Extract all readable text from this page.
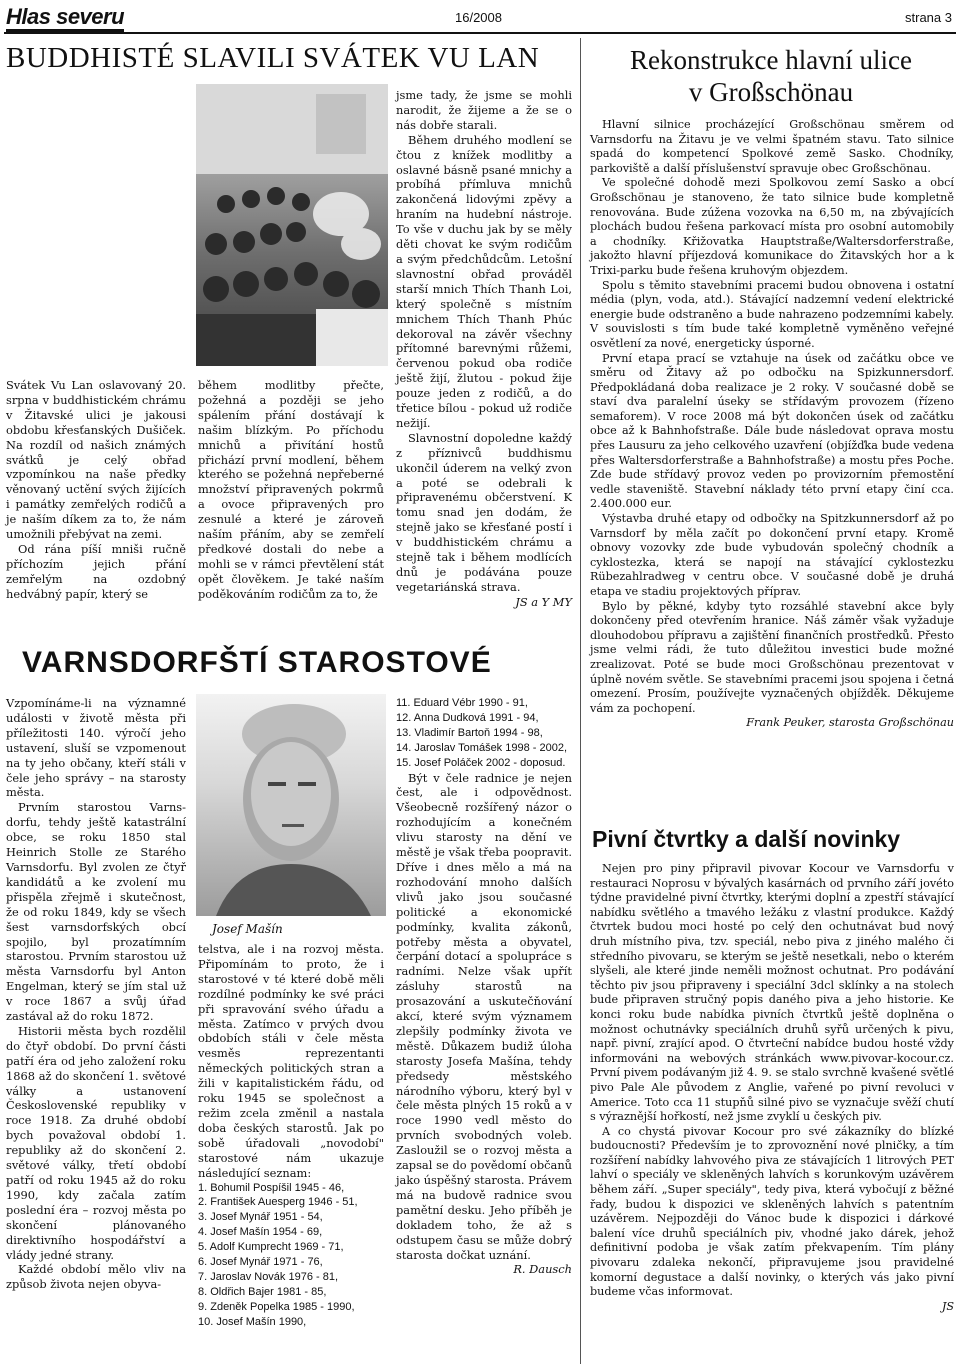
Hlas severu	16/2008	strana 3
BUDDHISTÉ SLAVILI SVÁTEK VU LAN

Svátek Vu Lan oslavovaný 20. srpna v buddhistickém chrámu v Žitavské ulici je jakousi obdobu křesťanských Dušiček. Na rozdíl od našich známých svátků je celý obřad vzpomínkou na naše předky věnovaný uctění svých žijících i památky zemřelých rodičů a je naším díkem za to, že nám umožnili přebývat na zemi.

Od rána píší mniši ručně příchozím jejich přání zemřelým na ozdobný hedvábný papír, který se

během modlitby přečte, požehná a později se jeho spálením přání dostávají k našim blízkým. Po příchodu mnichů a přivítání hostů přichází první modlení, během kterého se požehná nepřeberné množství připravených pokrmů a ovoce připravených pro zesnulé a které je zároveň naším přáním, aby se zemřelí předkové dostali do nebe a mohli se v rámci převtělení stát opět člověkem. Je také naším poděkováním rodičům za to, že

jsme tady, že jsme se mohli narodit, že žijeme a že se o nás dobře starali.

Během druhého modlení se čtou z knížek modlitby a oslavné básně psané mnichy a probíhá přímluva mnichů zakončená lidovými zpěvy a hraním na hudební nástroje. To vše v duchu jak by se měly děti chovat ke svým rodičům a svým předchůdcům. Letošní slavnostní obřad prováděl starší mnich Thích Thanh Loi, který společně s místním mnichem Thích Thanh Phúc dekoroval na závěr všechny přítomné barevnými růžemi, červenou pokud oba rodiče ještě žijí, žlutou - pokud žije pouze jeden z rodičů, a do třetice bílou - pokud už rodiče nežijí.

Slavnostní dopoledne každý z příznivců buddhismu ukončil úderem na velký zvon a poté se odebrali k připravenému občerstvení. K tomu snad jen dodám, že stejně jako se křesťané postí i v buddhistickém chrámu a stejně tak i během modlících dnů je podávána pouze vegetariánská strava.

JS a Y MY

VARNSDORFŠTÍ STAROSTOVÉ

Vzpomínáme-li na významné události v životě města při příležitosti 140. výročí jeho ustavení, sluší se vzpomenout na ty jeho občany, kteří stáli v čele jeho správy – na starosty města.

Prvním starostou Varns- dorfu, tehdy ještě katastrální obce, se roku 1850 stal Heinrich Stolle ze Starého Varnsdorfu. Byl zvolen ze čtyř kandidátů a ke zvolení mu přispěla zřejmě i skutečnost, že od roku 1849, kdy se všech šest varnsdorfských obcí spojilo, byl prozatímním starostou. Prvním starostou už města Varnsdorfu byl Anton Engelman, který se jím stal už v roce 1867 a svůj úřad zastával až do roku 1872.

Historii města bych rozdělil do čtyř období. Do první části patří éra od jeho založení roku 1868 až do skončení 1. světové války a ustanovení Československé republiky v roce 1918. Za druhé období bych považoval období 1. republiky až do skončení 2. světové války, třetí období patří od roku 1945 až do roku 1990, kdy začala zatím poslední éra – rozvoj města po skončení plánovaného direktivního hospodářství a vlády jedné strany.

Každé období mělo vliv na způsob života nejen obyva-

Josef Mašín

telstva, ale i na rozvoj města. Připomínám to proto, že i starostové v té které době měli rozdílné podmínky ke své práci při spravování svého úřadu a města. Zatímco v prvých dvou obdobích stáli v čele města vesměs reprezentanti německých politických stran a žili v kapitalistickém řádu, od roku 1945 se společnost a režim zcela změnil a nastala doba českých starostů. Jak po sobě úřadovali „novodobí" starostové nám ukazuje následující seznam:

1. Bohumil Pospíšil 1945 - 46,

2. František Auesperg 1946 - 51,

3. Josef Mynář 1951 - 54,

4. Josef Mašín 1954 - 69,

5. Adolf Kumprecht 1969 - 71,

6. Josef Mynář 1971 - 76,

7. Jaroslav Novák 1976 - 81,

8. Oldřich Bajer 1981 - 85,

9. Zdeněk Popelka 1985 - 1990,

10. Josef Mašín 1990,

11. Eduard Vébr 1990 - 91,

12. Anna Dudková 1991 - 94,

13. Vladimír Bartoň 1994 - 98,

14. Jaroslav Tomášek 1998 - 2002,

15. Josef Poláček 2002 - doposud.

Být v čele radnice je nejen čest, ale i odpovědnost. Všeobecně rozšířený názor o rozhodujícím a konečném vlivu starosty na dění ve městě je však třeba poopravit. Dříve i dnes mělo a má na rozhodování mnoho dalších vlivů jako jsou současné politické a ekonomické podmínky, kvalita zákonů, potřeby města a obyvatel, čerpání dotací a spolupráce s radními. Nelze však upřít zásluhy starostů na prosazování a uskutečňování akcí, které svým významem zlepšily podmínky života ve městě. Důkazem budiž úloha starosty Josefa Mašína, tehdy předsedy městského národního výboru, který byl v čele města plných 15 roků a v roce 1990 vedl město do prvních svobodných voleb. Zasloužil se o rozvoj města a zapsal se do povědomí občanů jako úspěšný starosta. Právem má na budově radnice svou pamětní desku. Jeho příběh je dokladem toho, že až s odstupem času se může dobrý starosta dočkat uznání.

R. Dausch

Rekonstrukce hlavní ulice
v Großschönau

Hlavní silnice procházející Großschönau směrem od Varnsdorfu na Žitavu je ve velmi špatném stavu. Tato silnice spadá do kompetencí Spolkové země Sasko. Chodníky, parkoviště a další příslušenství spravuje obec Großschönau.

Ve společné dohodě mezi Spolkovou zemí Sasko a obcí Großschönau je stanoveno, že tato silnice bude kompletně renovována. Bude zúžena vozovka na 6,50 m, na zbývajících plochách budou řešena parkovací místa pro osobní automobily a chodníky. Křižovatka Hauptstraße/Waltersdorferstraße, jakožto hlavní příjezdová komunikace do Žitavských hor a k Trixi-parku bude řešena kruhovým objezdem.

Spolu s těmito stavebními pracemi budou obnovena i ostatní média (plyn, voda, atd.). Stávající nadzemní vedení elektrické energie bude odstraněno a bude nahrazeno podzemními kabely. V souvislosti s tím bude také kompletně vyměněno veřejné osvětlení za nové, energeticky úsporné.

První etapa prací se vztahuje na úsek od začátku obce ve směru od Žitavy až po odbočku na Spizkunnersdorf. Předpokládaná doba realizace je 2 roky. V současné době se staví dva paralelní úseky se střídavým provozem (řízeno semaforem). V roce 2008 má být dokončen úsek od začátku obce až k Bahnhofstraße. Dále bude následovat oprava mostu přes Lausuru za jeho celkového uzavření (objížďka bude vedena přes Waltersdorferstraße a Bahnhofstraße) a mostu přes Poche. Zde bude střídavý provoz veden po provizorním přemostění vedle staveniště. Stavební náklady této první etapy činí cca. 2.400.000 eur.

Výstavba druhé etapy od odbočky na Spitzkunnersdorf až po Varnsdorf by měla začít po dokončení první etapy. Kromě obnovy vozovky zde bude vybudován společný chodník a cyklostezka, která se napojí na stávající cyklostezku Rübezahlradweg v centru obce. V současné době je druhá etapa ve stadiu projektových příprav.

Bylo by pěkné, kdyby tyto rozsáhlé stavební akce byly dokončeny před otevřením hranice. Náš záměr však vyžaduje dlouhodobou přípravu a zajištění finančních prostředků. Přesto jsme velmi rádi, že tuto důležitou investici bude možné zrealizovat. Poté se bude moci Großschönau prezentovat v úplně novém světle. Se stavebními pracemi jsou spojena i četná omezení. Prosím, používejte vyznačených objížděk. Děkujeme vám za pochopení.

Frank Peuker, starosta Großschönau

Pivní čtvrtky a další novinky

Nejen pro piny připravil pivovar Kocour ve Varnsdorfu v restauraci Noprosu v bývalých kasárnách od prvního září jovéto týdne pravidelné pivní čtvrtky, kterými doplní a zpestří stávající nabídku světlého a tmavého ležáku z vlastní produkce. Každý čtvrtek budou moci hosté po celý den ochutnávat bud nový druh místního piva, tzv. speciál, nebo piva z jiného malého či středního pivovaru, se kterým se ještě nesetkali, nebo o kterém slyšeli, ale které jinde neměli možnost ochutnat. Pro podávání těchto piv jsou připraveny i speciální 3dcl sklínky a na stolech bude připraven stručný popis daného piva a jeho historie. Ke konci roku bude nabídka pivních čtvrtků ještě doplněna o možnost ochutnávky speciálních druhů syřů určených k pivu, např. pivní, zrající apod. O čtvrteční nabídce budou hosté vždy informováni na webových stránkách www.pivovar-kocour.cz. První pivem podávaným již 4. 9. se stalo svrchně kvašené světlé pivo Pale Ale původem z Anglie, vařené po pivní revoluci v Americe. Toto cca 11 stupňů silné pivo se vyznačuje svěží chutí s výraznější hořkostí, než jsme zvyklí u českých piv.

A co chystá pivovar Kocour pro své zákazníky do blízké budoucnosti? Především je to zprovoznění nové plničky, a tím rozšíření nabídky lahvového piva ze stávajících 1 litrových PET lahví o speciály ve skleněných lahvích s korunkovým uzávěrem během září. „Super speciály", tedy piva, která vybočují z běžné řady, budou k dispozici ve skleněných lahvích s patentním uzávěrem. Nejpozději do Vánoc bude k dispozici i dárkové balení více druhů speciálních piv, vhodné jako dárek, jehož definitivní podoba je však zatím překvapením. Tím plány pivovaru zdaleka nekončí, připravujeme jsou pravidelné komorní degustace a další novinky, o kterých vás jako pivní budeme včas informovat.

JS
